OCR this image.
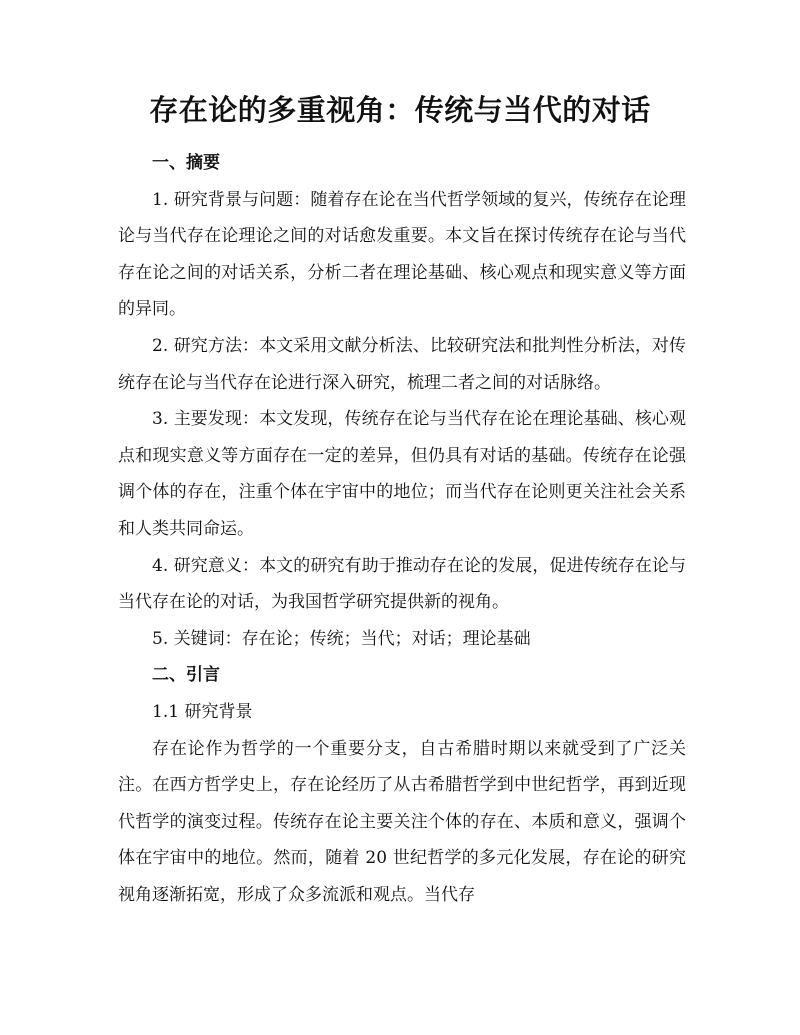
存在论的多重视角：传统与当代的对话

一、摘要

1. 研究背景与问题：随着存在论在当代哲学领域的复兴，传统存在论理论与当代存在论理论之间的对话愈发重要。本文旨在探讨传统存在论与当代存在论之间的对话关系，分析二者在理论基础、核心观点和现实意义等方面的异同。

2. 研究方法：本文采用文献分析法、比较研究法和批判性分析法，对传统存在论与当代存在论进行深入研究，梳理二者之间的对话脉络。

3. 主要发现：本文发现，传统存在论与当代存在论在理论基础、核心观点和现实意义等方面存在一定的差异，但仍具有对话的基础。传统存在论强调个体的存在，注重个体在宇宙中的地位；而当代存在论则更关注社会关系和人类共同命运。

4. 研究意义：本文的研究有助于推动存在论的发展，促进传统存在论与当代存在论的对话，为我国哲学研究提供新的视角。

5. 关键词：存在论；传统；当代；对话；理论基础

二、引言

1.1 研究背景

存在论作为哲学的一个重要分支，自古希腊时期以来就受到了广泛关注。在西方哲学史上，存在论经历了从古希腊哲学到中世纪哲学，再到近现代哲学的演变过程。传统存在论主要关注个体的存在、本质和意义，强调个体在宇宙中的地位。然而，随着 20 世纪哲学的多元化发展，存在论的研究视角逐渐拓宽，形成了众多流派和观点。当代存
